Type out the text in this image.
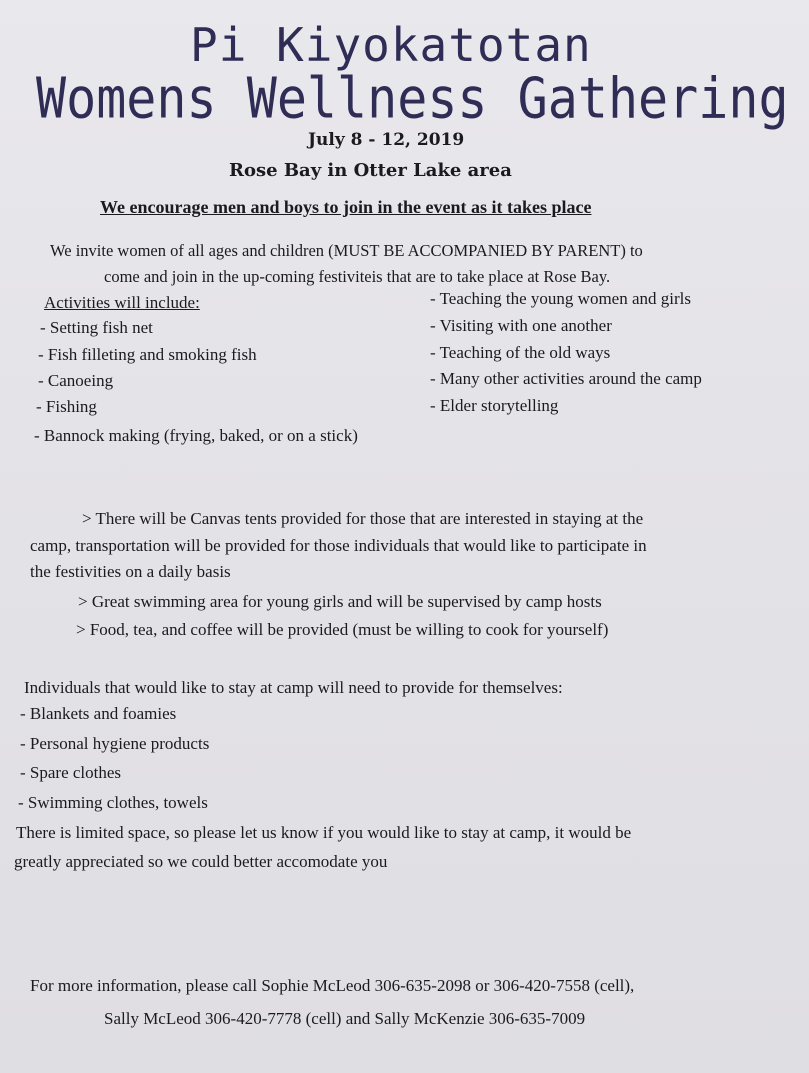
Pi Kiyokatotan
Womens Wellness Gathering
July 8 - 12, 2019
Rose Bay in Otter Lake area
We encourage men and boys to join in the event as it takes place
We invite women of all ages and children (MUST BE ACCOMPANIED BY PARENT) to
come and join in the up-coming festiviteis that are to take place at Rose Bay.
Activities will include:
- Setting fish net
- Fish filleting and smoking fish
- Canoeing
- Fishing
- Bannock making (frying, baked, or on a stick)
- Teaching the young women and girls
- Visiting with one another
- Teaching of the old ways
- Many other activities around the camp
- Elder storytelling
> There will be Canvas tents provided for those that are interested in staying at the
camp, transportation will be provided for those individuals that would like to participate in
the festivities on a daily basis
> Great swimming area for young girls and will be supervised by camp hosts
> Food, tea, and coffee will be provided (must be willing to cook for yourself)
Individuals that would like to stay at camp will need to provide for themselves:
- Blankets and foamies
- Personal hygiene products
- Spare clothes
- Swimming clothes, towels
There is limited space, so please let us know if you would like to stay at camp, it would be
greatly appreciated so we could better accomodate you
For more information, please call Sophie McLeod 306-635-2098 or 306-420-7558 (cell),
Sally McLeod 306-420-7778 (cell) and Sally McKenzie 306-635-7009
